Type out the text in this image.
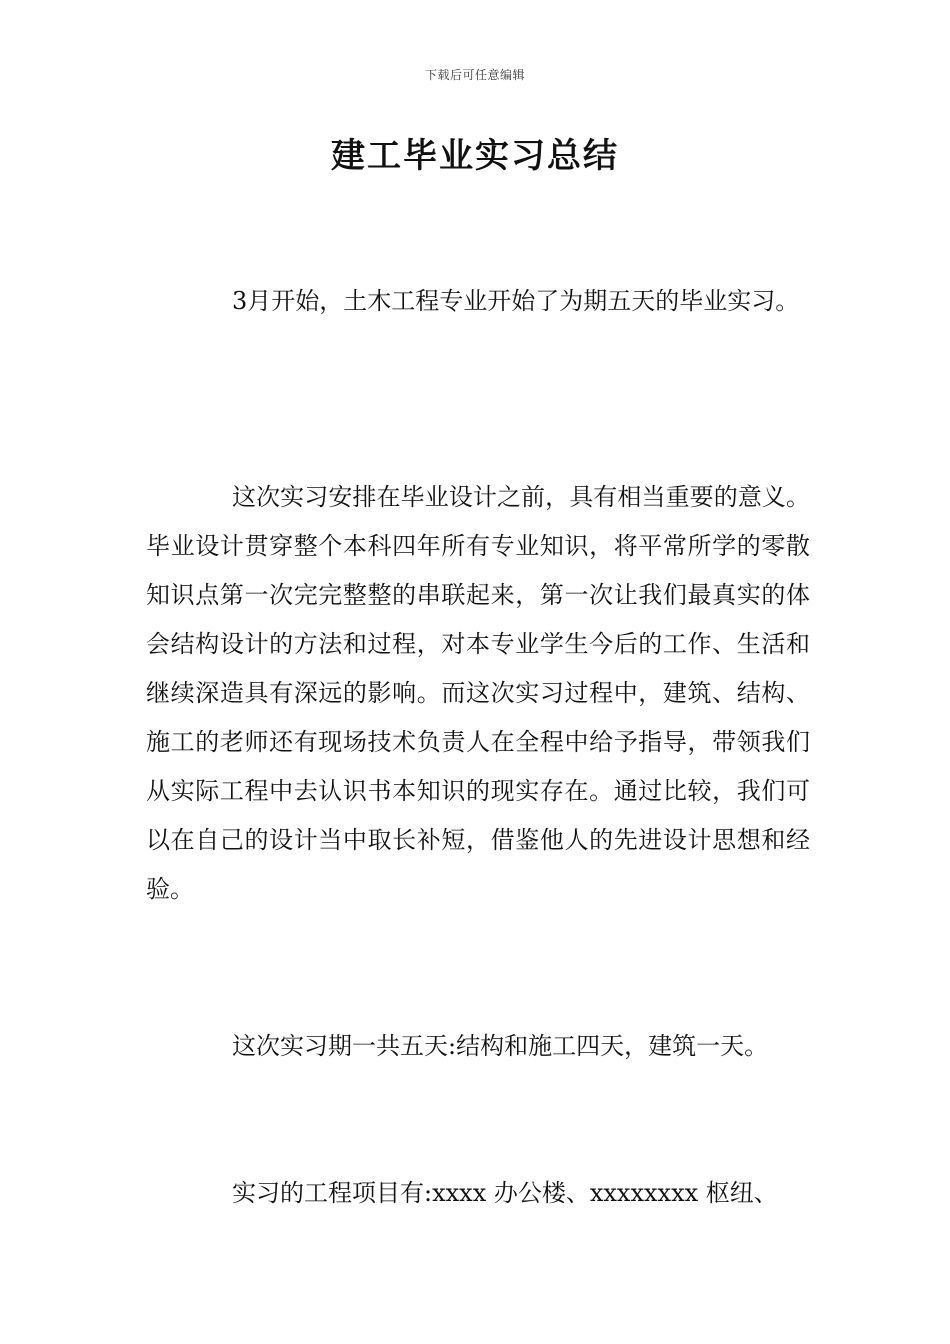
下载后可任意编辑
建工毕业实习总结

3月开始，土木工程专业开始了为期五天的毕业实习。

这次实习安排在毕业设计之前，具有相当重要的意义。毕业设计贯穿整个本科四年所有专业知识，将平常所学的零散知识点第一次完完整整的串联起来，第一次让我们最真实的体会结构设计的方法和过程，对本专业学生今后的工作、生活和继续深造具有深远的影响。而这次实习过程中，建筑、结构、施工的老师还有现场技术负责人在全程中给予指导，带领我们从实际工程中去认识书本知识的现实存在。通过比较，我们可以在自己的设计当中取长补短，借鉴他人的先进设计思想和经验。

这次实习期一共五天:结构和施工四天，建筑一天。

实习的工程项目有:xxxx 办公楼、xxxxxxxx 枢纽、
